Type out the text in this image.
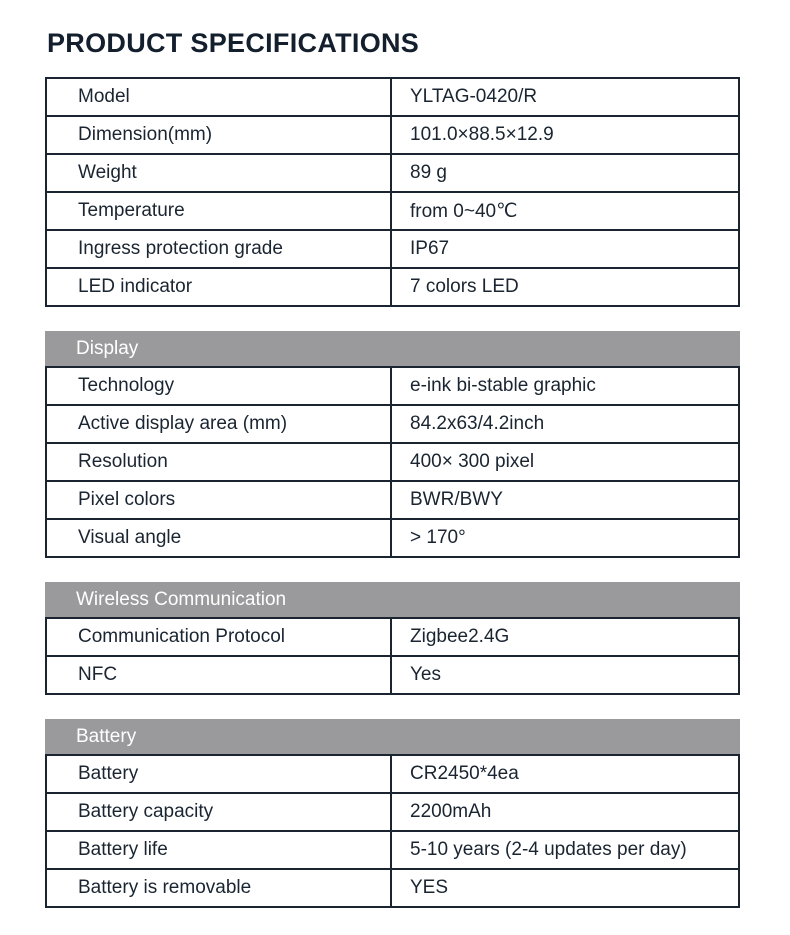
PRODUCT SPECIFICATIONS
Model	YLTAG-0420/R
Dimension(mm)	101.0×88.5×12.9
Weight	89 g
Temperature	from 0~40℃
Ingress protection grade	IP67
LED indicator	7 colors LED
Display
Technology	e-ink bi-stable graphic
Active display area (mm)	84.2x63/4.2inch
Resolution	400× 300 pixel
Pixel colors	BWR/BWY
Visual angle	> 170°
Wireless Communication
Communication Protocol	Zigbee2.4G
NFC	Yes
Battery
Battery	CR2450*4ea
Battery capacity	2200mAh
Battery life	5-10 years (2-4 updates per day)
Battery is removable	YES
